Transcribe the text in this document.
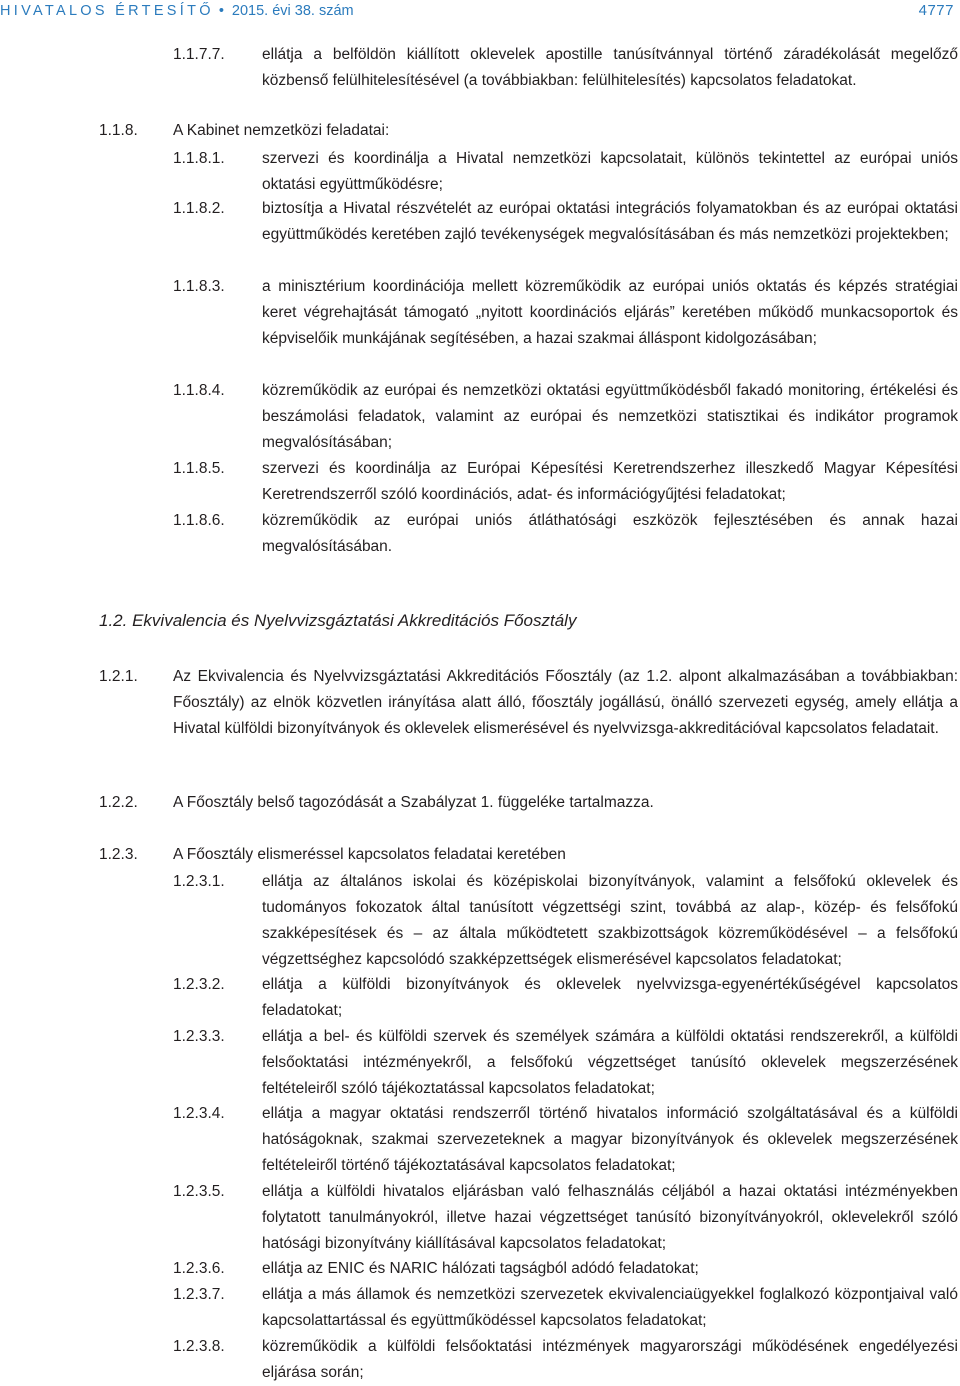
HIVATALOS ÉRTESÍTŐ • 2015. évi 38. szám	4777
1.1.7.7. ellátja a belföldön kiállított oklevelek apostille tanúsítvánnyal történő záradékolását megelőző közbenső felülhitelesítésével (a továbbiakban: felülhitelesítés) kapcsolatos feladatokat.
1.1.8. A Kabinet nemzetközi feladatai:
1.1.8.1. szervezi és koordinálja a Hivatal nemzetközi kapcsolatait, különös tekintettel az európai uniós oktatási együttműködésre;
1.1.8.2. biztosítja a Hivatal részvételét az európai oktatási integrációs folyamatokban és az európai oktatási együttműködés keretében zajló tevékenységek megvalósításában és más nemzetközi projektekben;
1.1.8.3. a minisztérium koordinációja mellett közreműködik az európai uniós oktatás és képzés stratégiai keret végrehajtását támogató „nyitott koordinációs eljárás” keretében működő munkacsoportok és képviselőik munkájának segítésében, a hazai szakmai álláspont kidolgozásában;
1.1.8.4. közreműködik az európai és nemzetközi oktatási együttműködésből fakadó monitoring, értékelési és beszámolási feladatok, valamint az európai és nemzetközi statisztikai és indikátor programok megvalósításában;
1.1.8.5. szervezi és koordinálja az Európai Képesítési Keretrendszerhez illeszkedő Magyar Képesítési Keretrendszerről szóló koordinációs, adat- és információgyűjtési feladatokat;
1.1.8.6. közreműködik az európai uniós átláthatósági eszközök fejlesztésében és annak hazai megvalósításában.
1.2. Ekvivalencia és Nyelvvizsgáztatási Akkreditációs Főosztály
1.2.1. Az Ekvivalencia és Nyelvvizsgáztatási Akkreditációs Főosztály (az 1.2. alpont alkalmazásában a továbbiakban: Főosztály) az elnök közvetlen irányítása alatt álló, főosztály jogállású, önálló szervezeti egység, amely ellátja a Hivatal külföldi bizonyítványok és oklevelek elismerésével és nyelvvizsga-akkreditációval kapcsolatos feladatait.
1.2.2. A Főosztály belső tagozódását a Szabályzat 1. függeléke tartalmazza.
1.2.3. A Főosztály elismeréssel kapcsolatos feladatai keretében
1.2.3.1. ellátja az általános iskolai és középiskolai bizonyítványok, valamint a felsőfokú oklevelek és tudományos fokozatok által tanúsított végzettségi szint, továbbá az alap-, közép- és felsőfokú szakképesítések és – az általa működtetett szakbizottságok közreműködésével – a felsőfokú végzettséghez kapcsolódó szakképzettségek elismerésével kapcsolatos feladatokat;
1.2.3.2. ellátja a külföldi bizonyítványok és oklevelek nyelvvizsga-egyenértékűségével kapcsolatos feladatokat;
1.2.3.3. ellátja a bel- és külföldi szervek és személyek számára a külföldi oktatási rendszerekről, a külföldi felsőoktatási intézményekről, a felsőfokú végzettséget tanúsító oklevelek megszerzésének feltételeiről szóló tájékoztatással kapcsolatos feladatokat;
1.2.3.4. ellátja a magyar oktatási rendszerről történő hivatalos információ szolgáltatásával és a külföldi hatóságoknak, szakmai szervezeteknek a magyar bizonyítványok és oklevelek megszerzésének feltételeiről történő tájékoztatásával kapcsolatos feladatokat;
1.2.3.5. ellátja a külföldi hivatalos eljárásban való felhasználás céljából a hazai oktatási intézményekben folytatott tanulmányokról, illetve hazai végzettséget tanúsító bizonyítványokról, oklevelekről szóló hatósági bizonyítvány kiállításával kapcsolatos feladatokat;
1.2.3.6. ellátja az ENIC és NARIC hálózati tagságból adódó feladatokat;
1.2.3.7. ellátja a más államok és nemzetközi szervezetek ekvivalenciaügyekkel foglalkozó központjaival való kapcsolattartással és együttműködéssel kapcsolatos feladatokat;
1.2.3.8. közreműködik a külföldi felsőoktatási intézmények magyarországi működésének engedélyezési eljárása során;
